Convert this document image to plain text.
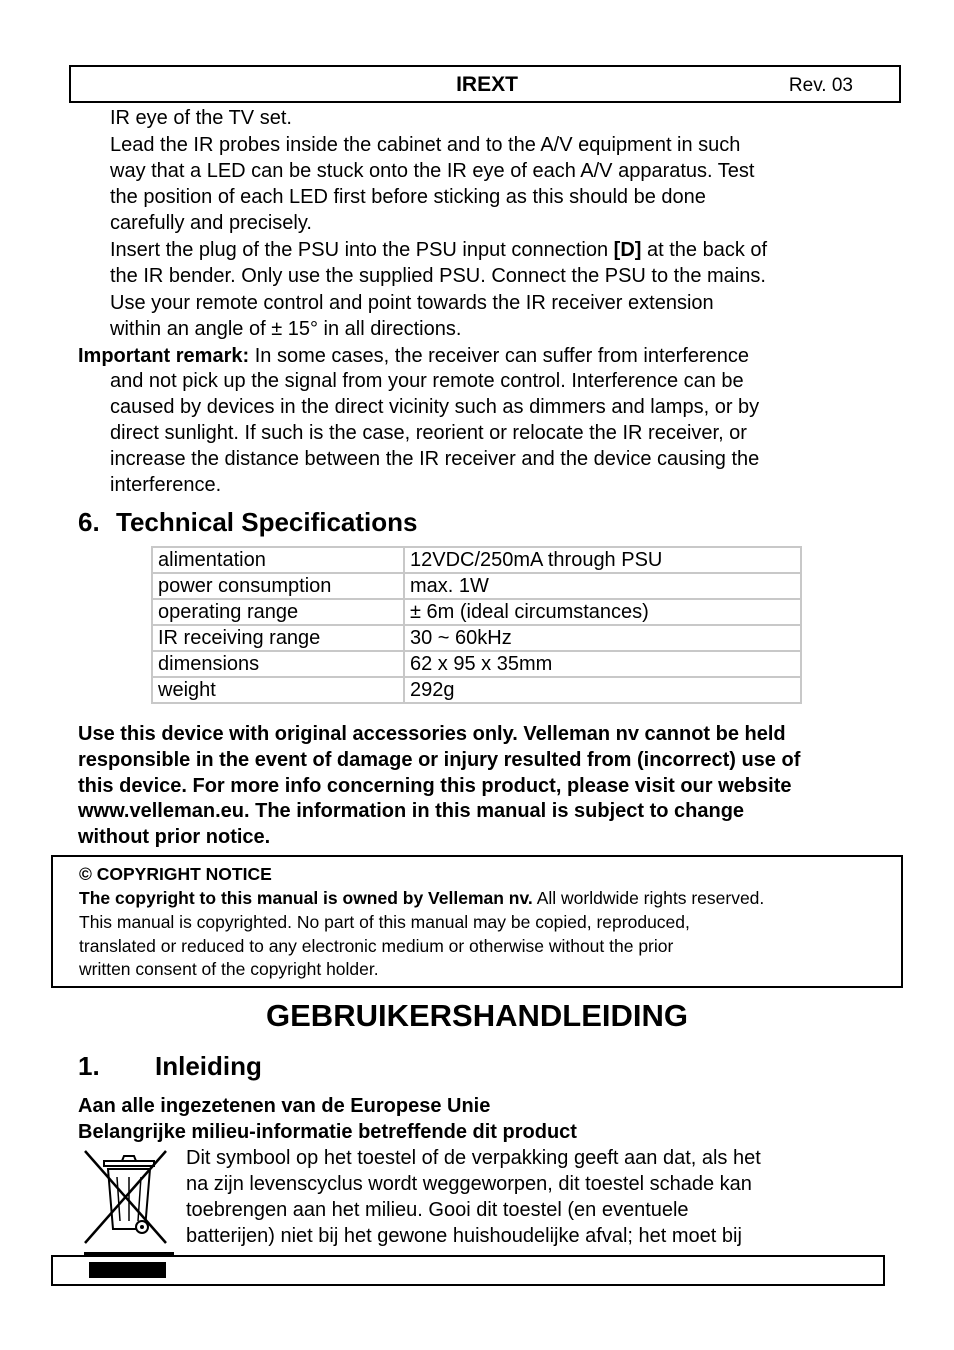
IREXT	Rev. 03
IR eye of the TV set.
Lead the IR probes inside the cabinet and to the A/V equipment in such
way that a LED can be stuck onto the IR eye of each A/V apparatus. Test
the position of each LED first before sticking as this should be done
carefully and precisely.
Insert the plug of the PSU into the PSU input connection [D] at the back of
the IR bender. Only use the supplied PSU. Connect the PSU to the mains.
Use your remote control and point towards the IR receiver extension
within an angle of ± 15° in all directions.
Important remark: In some cases, the receiver can suffer from interference
and not pick up the signal from your remote control. Interference can be
caused by devices in the direct vicinity such as dimmers and lamps, or by
direct sunlight. If such is the case, reorient or relocate the IR receiver, or
increase the distance between the IR receiver and the device causing the
interference.
6. Technical Specifications
alimentation	12VDC/250mA through PSU
power consumption	max. 1W
operating range	± 6m (ideal circumstances)
IR receiving range	30 ~ 60kHz
dimensions	62 x 95 x 35mm
weight	292g
Use this device with original accessories only. Velleman nv cannot be held
responsible in the event of damage or injury resulted from (incorrect) use of
this device. For more info concerning this product, please visit our website
www.velleman.eu. The information in this manual is subject to change
without prior notice.
© COPYRIGHT NOTICE
The copyright to this manual is owned by Velleman nv. All worldwide rights reserved.
This manual is copyrighted. No part of this manual may be copied, reproduced,
translated or reduced to any electronic medium or otherwise without the prior
written consent of the copyright holder.
GEBRUIKERSHANDLEIDING
1. Inleiding
Aan alle ingezetenen van de Europese Unie
Belangrijke milieu-informatie betreffende dit product
Dit symbool op het toestel of de verpakking geeft aan dat, als het
na zijn levenscyclus wordt weggeworpen, dit toestel schade kan
toebrengen aan het milieu. Gooi dit toestel (en eventuele
batterijen) niet bij het gewone huishoudelijke afval; het moet bij
